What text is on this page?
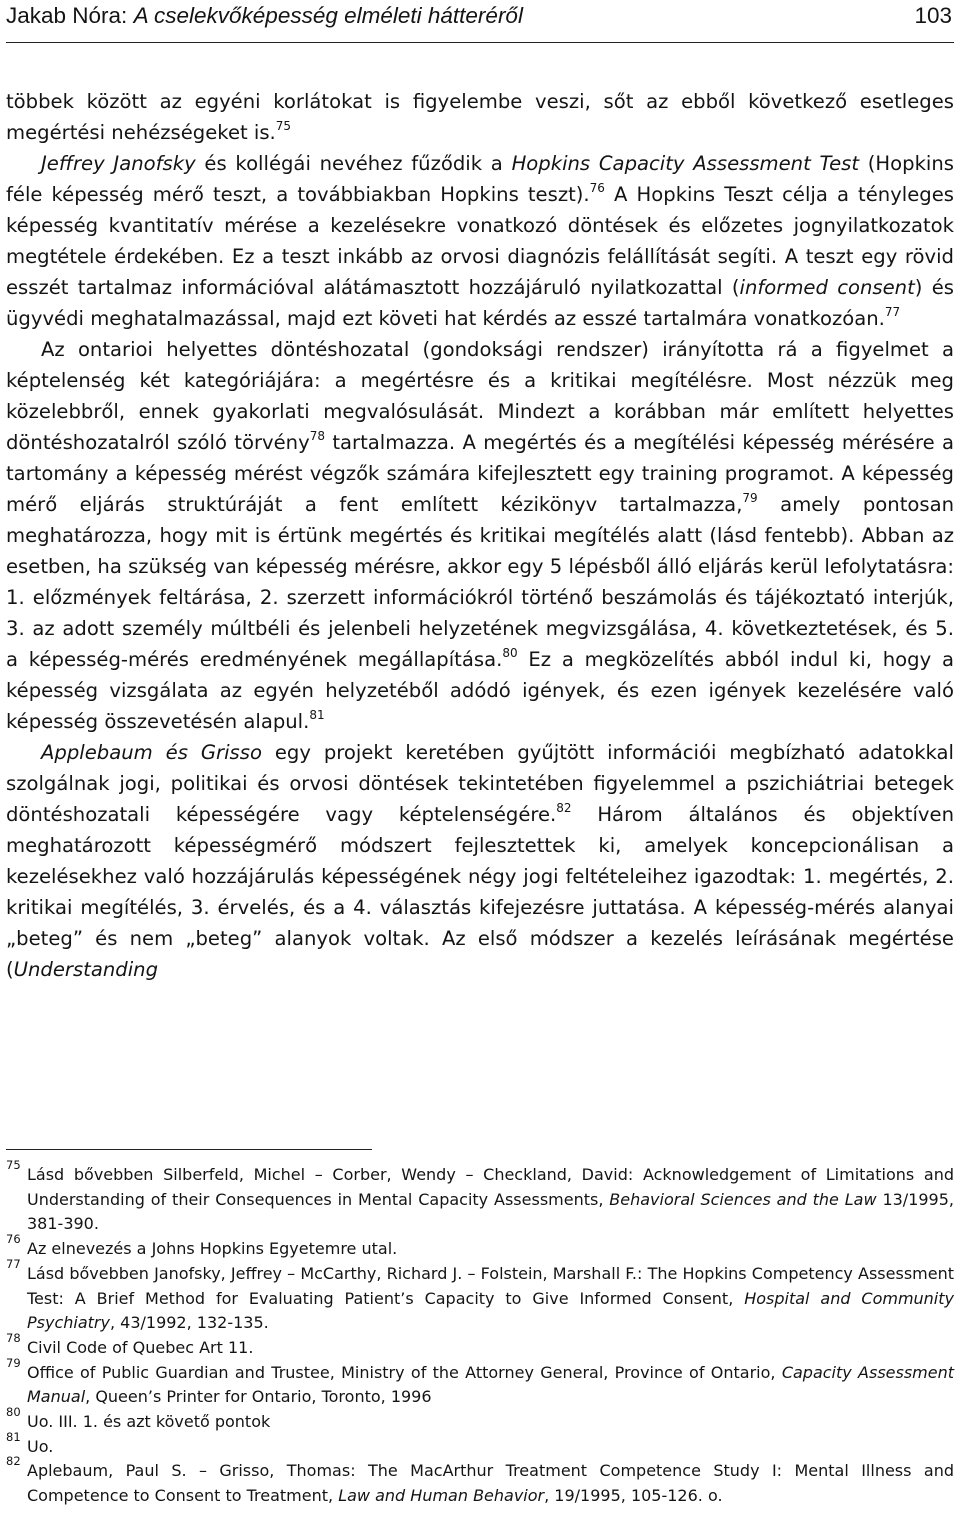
Jakab Nóra: A cselekvőképesség elméleti hátteréről	103

többek között az egyéni korlátokat is figyelembe veszi, sőt az ebből következő esetleges megértési nehézségeket is.$^{75}$

Jeffrey Janofsky és kollégái nevéhez fűződik a Hopkins Capacity Assessment Test (Hopkins féle képesség mérő teszt, a továbbiakban Hopkins teszt).$^{76}$ A Hopkins Teszt célja a tényleges képesség kvantitatív mérése a kezelésekre vonatkozó döntések és előzetes jognyilatkozatok megtétele érdekében. Ez a teszt inkább az orvosi diagnózis felállítását segíti. A teszt egy rövid esszét tartalmaz információval alátámasztott hozzájáruló nyilatkozattal (informed consent) és ügyvédi meghatalmazással, majd ezt követi hat kérdés az esszé tartalmára vonatkozóan.$^{77}$

Az ontarioi helyettes döntéshozatal (gondoksági rendszer) irányította rá a figyelmet a képtelenség két kategóriájára: a megértésre és a kritikai megítélésre. Most nézzük meg közelebbről, ennek gyakorlati megvalósulását. Mindezt a korábban már említett helyettes döntéshozatalról szóló törvény$^{78}$ tartalmazza. A megértés és a megítélési képesség mérésére a tartomány a képesség mérést végzők számára kifejlesztett egy training programot. A képesség mérő eljárás struktúráját a fent említett kézikönyv tartalmazza,$^{79}$ amely pontosan meghatározza, hogy mit is értünk megértés és kritikai megítélés alatt (lásd fentebb). Abban az esetben, ha szükség van képesség mérésre, akkor egy 5 lépésből álló eljárás kerül lefolytatásra: 1. előzmények feltárása, 2. szerzett információkról történő beszámolás és tájékoztató interjúk, 3. az adott személy múltbéli és jelenbeli helyzetének megvizsgálása, 4. következtetések, és 5. a képesség-mérés eredményének megállapítása.$^{80}$ Ez a megközelítés abból indul ki, hogy a képesség vizsgálata az egyén helyzetéből adódó igények, és ezen igények kezelésére való képesség összevetésén alapul.$^{81}$

Applebaum és Grisso egy projekt keretében gyűjtött információi megbízható adatokkal szolgálnak jogi, politikai és orvosi döntések tekintetében figyelemmel a pszichiátriai betegek döntéshozatali képességére vagy képtelenségére.$^{82}$ Három általános és objektíven meghatározott képességmérő módszert fejlesztettek ki, amelyek koncepcionálisan a kezelésekhez való hozzájárulás képességének négy jogi feltételeihez igazodtak: 1. megértés, 2. kritikai megítélés, 3. érvelés, és a 4. választás kifejezésre juttatása. A képesség-mérés alanyai „beteg” és nem „beteg” alanyok voltak. Az első módszer a kezelés leírásának megértése (Understanding

75 Lásd bővebben Silberfeld, Michel – Corber, Wendy – Checkland, David: Acknowledgement of Limitations and Understanding of their Consequences in Mental Capacity Assessments, Behavioral Sciences and the Law 13/1995, 381-390.
76 Az elnevezés a Johns Hopkins Egyetemre utal.
77 Lásd bővebben Janofsky, Jeffrey – McCarthy, Richard J. – Folstein, Marshall F.: The Hopkins Competency Assessment Test: A Brief Method for Evaluating Patient’s Capacity to Give Informed Consent, Hospital and Community Psychiatry, 43/1992, 132-135.
78 Civil Code of Quebec Art 11.
79 Office of Public Guardian and Trustee, Ministry of the Attorney General, Province of Ontario, Capacity Assessment Manual, Queen’s Printer for Ontario, Toronto, 1996
80 Uo. III. 1. és azt követő pontok
81 Uo.
82 Aplebaum, Paul S. – Grisso, Thomas: The MacArthur Treatment Competence Study I: Mental Illness and Competence to Consent to Treatment, Law and Human Behavior, 19/1995, 105-126. o.
